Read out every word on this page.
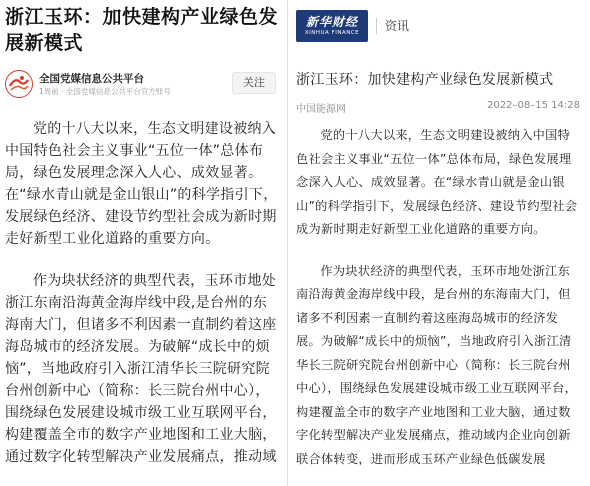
浙江玉环：加快建构产业绿色发展新模式
全国党媒信息公共平台
1周前 · 全国党媒信息公共平台官方账号
关注

党的十八大以来，生态文明建设被纳入中国特色社会主义事业“五位一体”总体布局，绿色发展理念深入人心、成效显著。在“绿水青山就是金山银山”的科学指引下，发展绿色经济、建设节约型社会成为新时期走好新型工业化道路的重要方向。

作为块状经济的典型代表，玉环市地处浙江东南沿海黄金海岸线中段,是台州的东海南大门，但诸多不利因素一直制约着这座海岛城市的经济发展。为破解“成长中的烦恼”，当地政府引入浙江清华长三院研究院台州创新中心（简称：长三院台州中心），围绕绿色发展建设城市级工业互联网平台，构建覆盖全市的数字产业地图和工业大脑，通过数字化转型解决产业发展痛点，推动域

新华财经
XINHUA FINANCE	资讯
浙江玉环：加快建构产业绿色发展新模式
中国能源网	2022–08–15 14:28

党的十八大以来，生态文明建设被纳入中国特色社会主义事业“五位一体”总体布局，绿色发展理念深入人心、成效显著。在“绿水青山就是金山银山”的科学指引下，发展绿色经济、建设节约型社会成为新时期走好新型工业化道路的重要方向。

作为块状经济的典型代表，玉环市地处浙江东南沿海黄金海岸线中段，是台州的东海南大门，但诸多不利因素一直制约着这座海岛城市的经济发展。为破解“成长中的烦恼”，当地政府引入浙江清华长三院研究院台州创新中心（简称：长三院台州中心），围绕绿色发展建设城市级工业互联网平台，构建覆盖全市的数字产业地图和工业大脑，通过数字化转型解决产业发展痛点，推动域内企业向创新联合体转变，进而形成玉环产业绿色低碳发展
